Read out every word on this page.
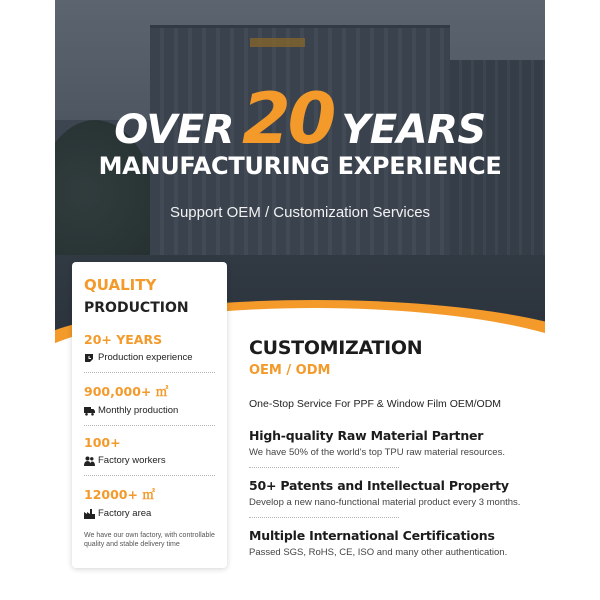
OVER 20 YEARS
MANUFACTURING EXPERIENCE
Support OEM / Customization Services
QUALITY
PRODUCTION
20+ YEARS
Production experience
900,000+ ㎡
Monthly production
100+
Factory workers
12000+ ㎡
Factory area
We have our own factory, with controllable quality and stable delivery time
CUSTOMIZATION
OEM / ODM
One-Stop Service For PPF & Window Film OEM/ODM
High-quality Raw Material Partner
We have 50% of the world's top TPU raw material resources.
50+ Patents and Intellectual Property
Develop a new nano-functional material product every 3 months.
Multiple International Certifications
Passed SGS, RoHS, CE, ISO and many other authentication.
